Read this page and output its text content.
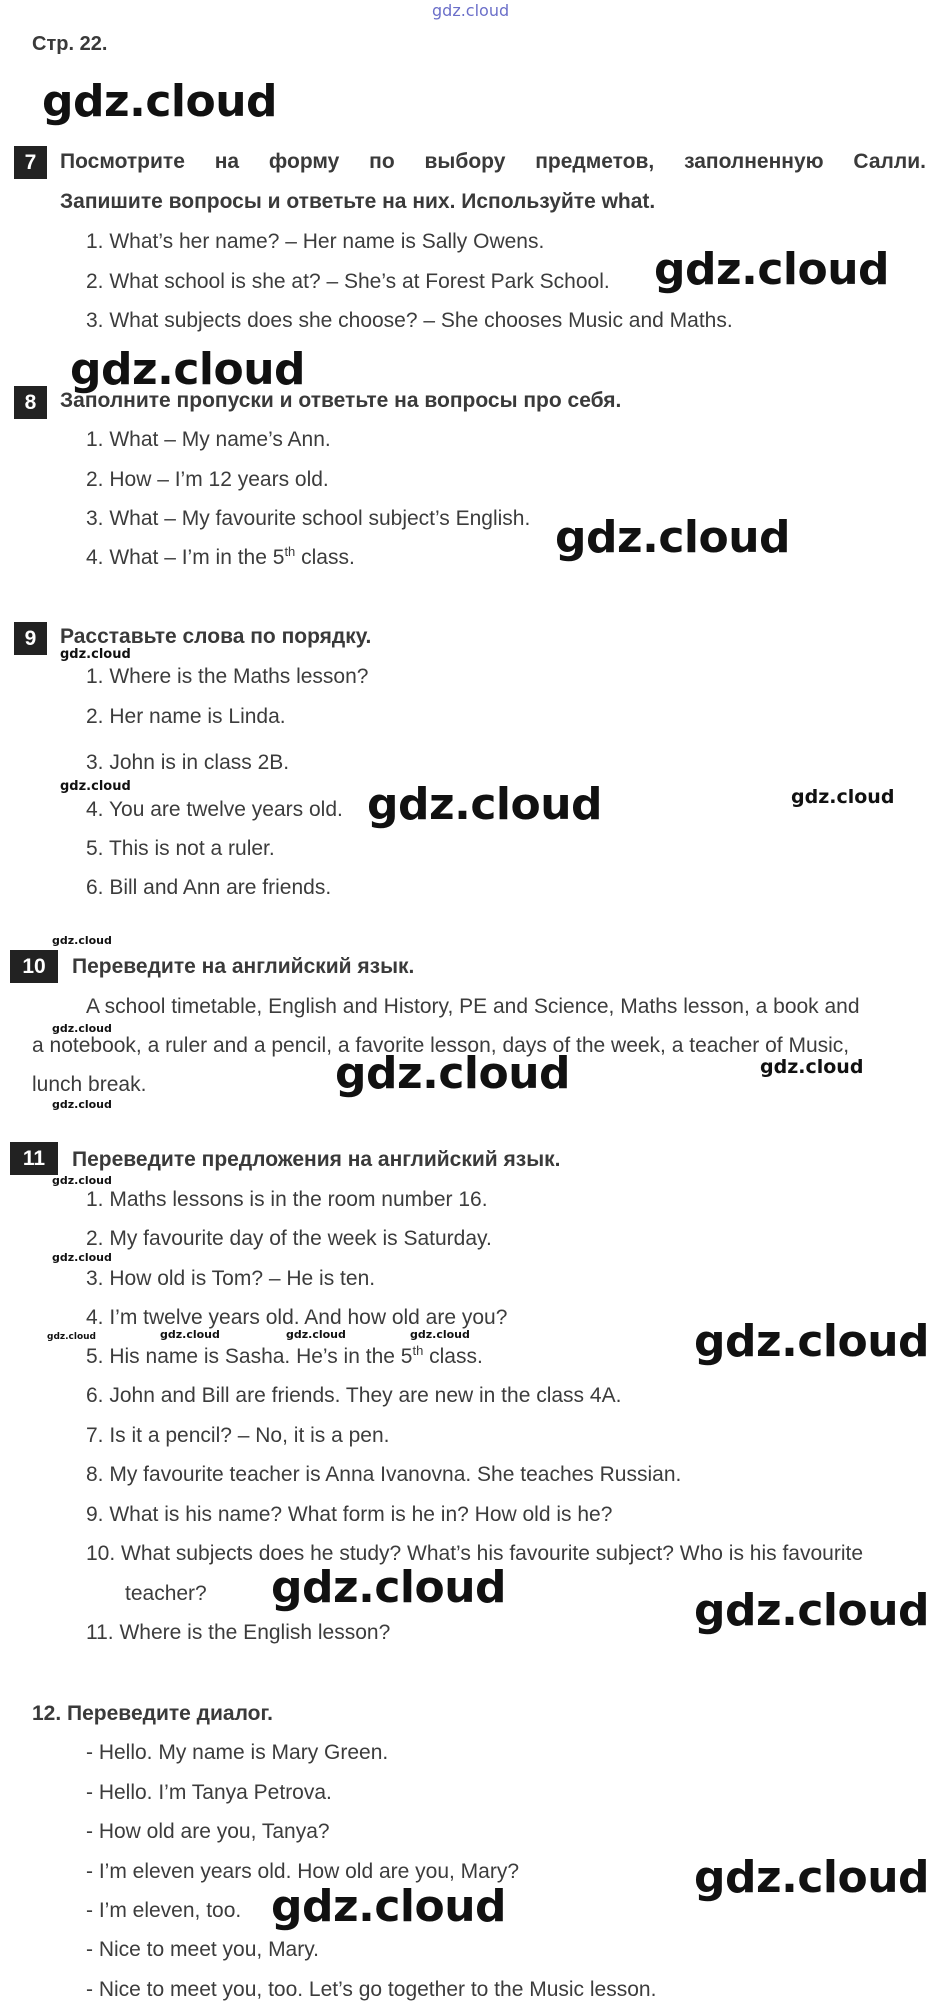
gdz.cloud
Стр. 22.
7	Посмотрите на форму по выбору предметов, заполненную Салли.
Запишите вопросы и ответьте на них. Используйте what.
1. What’s her name? – Her name is Sally Owens.
2. What school is she at? – She’s at Forest Park School.
3. What subjects does she choose? – She chooses Music and Maths.
8	Заполните пропуски и ответьте на вопросы про себя.
1. What – My name’s Ann.
2. How – I’m 12 years old.
3. What – My favourite school subject’s English.
4. What – I’m in the 5th class.
9	Расставьте слова по порядку.
1. Where is the Maths lesson?
2. Her name is Linda.
3. John is in class 2B.
4. You are twelve years old.
5. This is not a ruler.
6. Bill and Ann are friends.
10	Переведите на английский язык.
A school timetable, English and History, PE and Science, Maths lesson, a book and
a notebook, a ruler and a pencil, a favorite lesson, days of the week, a teacher of Music,
lunch break.
11	Переведите предложения на английский язык.
1. Maths lessons is in the room number 16.
2. My favourite day of the week is Saturday.
3. How old is Tom? – He is ten.
4. I’m twelve years old. And how old are you?
5. His name is Sasha. He’s in the 5th class.
6. John and Bill are friends. They are new in the class 4A.
7. Is it a pencil? – No, it is a pen.
8. My favourite teacher is Anna Ivanovna. She teaches Russian.
9. What is his name? What form is he in? How old is he?
10. What subjects does he study? What’s his favourite subject? Who is his favourite
teacher?
11. Where is the English lesson?
12. Переведите диалог.
- Hello. My name is Mary Green.
- Hello. I’m Tanya Petrova.
- How old are you, Tanya?
- I’m eleven years old. How old are you, Mary?
- I’m eleven, too.
- Nice to meet you, Mary.
- Nice to meet you, too. Let’s go together to the Music lesson.
gdz.cloud
gdz.cloud
gdz.cloud
gdz.cloud
gdz.cloud
gdz.cloud	gdz.cloud	gdz.cloud
gdz.cloud
gdz.cloud
gdz.cloud	gdz.cloud
gdz.cloud
gdz.cloud
gdz.cloud
gdz.cloud	gdz.cloud	gdz.cloud	gdz.cloud	gdz.cloud
gdz.cloud	gdz.cloud
gdz.cloud
gdz.cloud
